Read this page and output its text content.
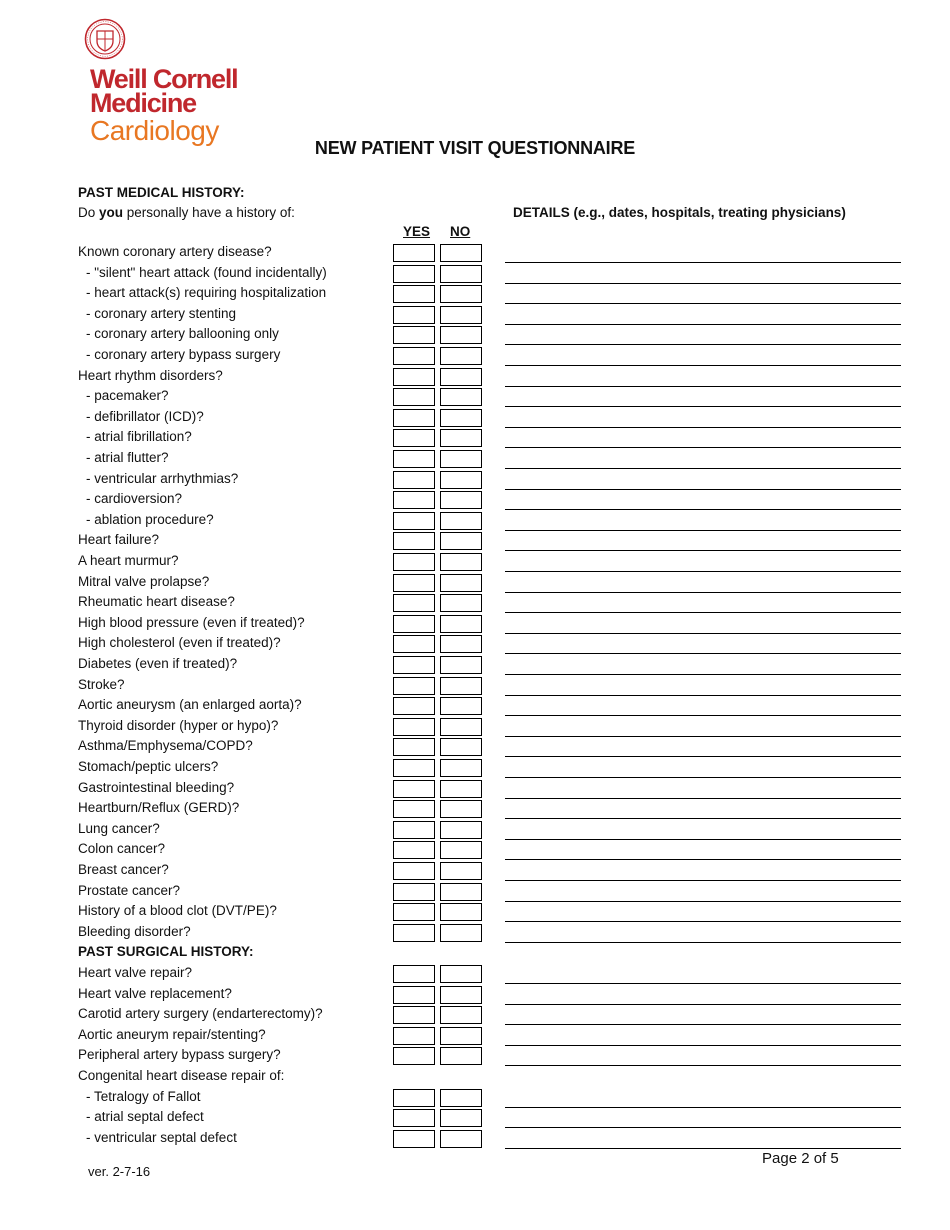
Weill Cornell
Medicine
Cardiology
NEW PATIENT VISIT QUESTIONNAIRE
PAST MEDICAL HISTORY:
Do you personally have a history of:	DETAILS (e.g., dates, hospitals, treating physicians)
YES NO
Known coronary artery disease?
- "silent" heart attack (found incidentally)
- heart attack(s) requiring hospitalization
- coronary artery stenting
- coronary artery ballooning only
- coronary artery bypass surgery
Heart rhythm disorders?
- pacemaker?
- defibrillator (ICD)?
- atrial fibrillation?
- atrial flutter?
- ventricular arrhythmias?
- cardioversion?
- ablation procedure?
Heart failure?
A heart murmur?
Mitral valve prolapse?
Rheumatic heart disease?
High blood pressure (even if treated)?
High cholesterol (even if treated)?
Diabetes (even if treated)?
Stroke?
Aortic aneurysm (an enlarged aorta)?
Thyroid disorder (hyper or hypo)?
Asthma/Emphysema/COPD?
Stomach/peptic ulcers?
Gastrointestinal bleeding?
Heartburn/Reflux (GERD)?
Lung cancer?
Colon cancer?
Breast cancer?
Prostate cancer?
History of a blood clot (DVT/PE)?
Bleeding disorder?
PAST SURGICAL HISTORY:
Heart valve repair?
Heart valve replacement?
Carotid artery surgery (endarterectomy)?
Aortic aneurym repair/stenting?
Peripheral artery bypass surgery?
Congenital heart disease repair of:
- Tetralogy of Fallot
- atrial septal defect
- ventricular septal defect
ver. 2-7-16
Page 2 of 5
